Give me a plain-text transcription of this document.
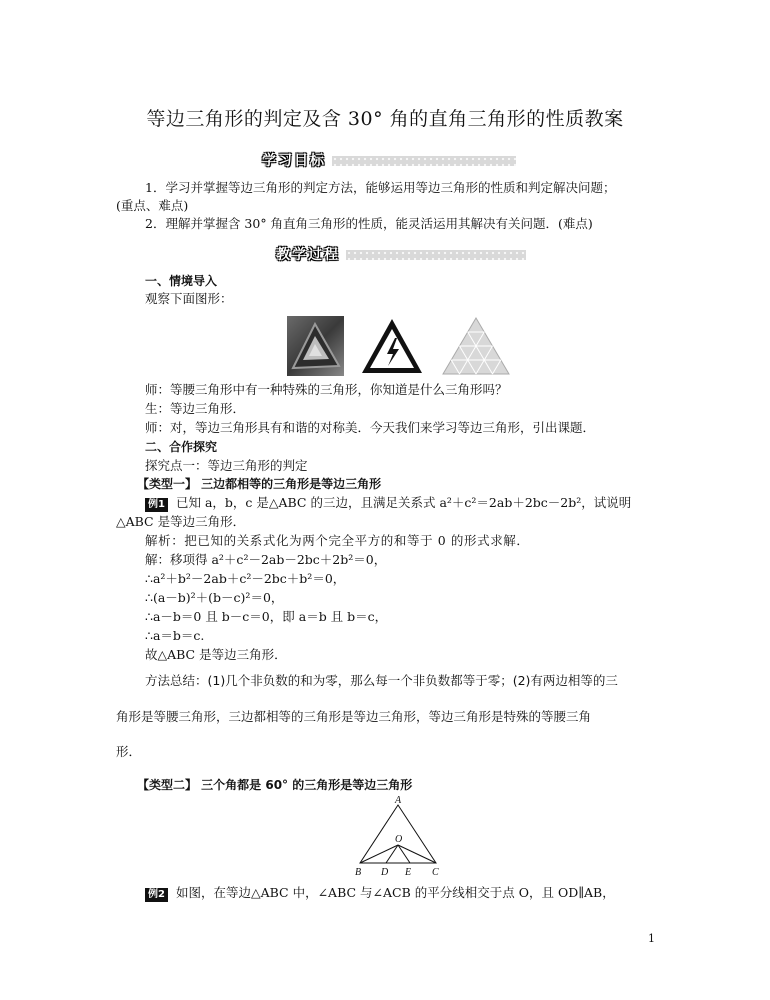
等边三角形的判定及含 30° 角的直角三角形的性质教案
学习目标
1．学习并掌握等边三角形的判定方法，能够运用等边三角形的性质和判定解决问题；
(重点、难点)
2．理解并掌握含 30° 角直角三角形的性质，能灵活运用其解决有关问题．(难点)
教学过程
一、情境导入
观察下面图形：
师：等腰三角形中有一种特殊的三角形，你知道是什么三角形吗？
生：等边三角形．
师：对，等边三角形具有和谐的对称美．今天我们来学习等边三角形，引出课题．
二、合作探究
探究点一：等边三角形的判定
【类型一】 三边都相等的三角形是等边三角形
例1 已知 a，b，c 是△ABC 的三边，且满足关系式 a²＋c²＝2ab＋2bc－2b²，试说明
△ABC 是等边三角形．
解析：把已知的关系式化为两个完全平方的和等于 0 的形式求解．
解：移项得 a²＋c²－2ab－2bc＋2b²＝0，
∴a²＋b²－2ab＋c²－2bc＋b²＝0，
∴(a－b)²＋(b－c)²＝0，
∴a－b＝0 且 b－c＝0，即 a＝b 且 b＝c，
∴a＝b＝c.
故△ABC 是等边三角形．
方法总结：(1)几个非负数的和为零，那么每一个非负数都等于零；(2)有两边相等的三
角形是等腰三角形，三边都相等的三角形是等边三角形，等边三角形是特殊的等腰三角
形．
【类型二】 三个角都是 60° 的三角形是等边三角形
A
O
B D E C
例2 如图，在等边△ABC 中，∠ABC 与∠ACB 的平分线相交于点 O，且 OD∥AB，
1
